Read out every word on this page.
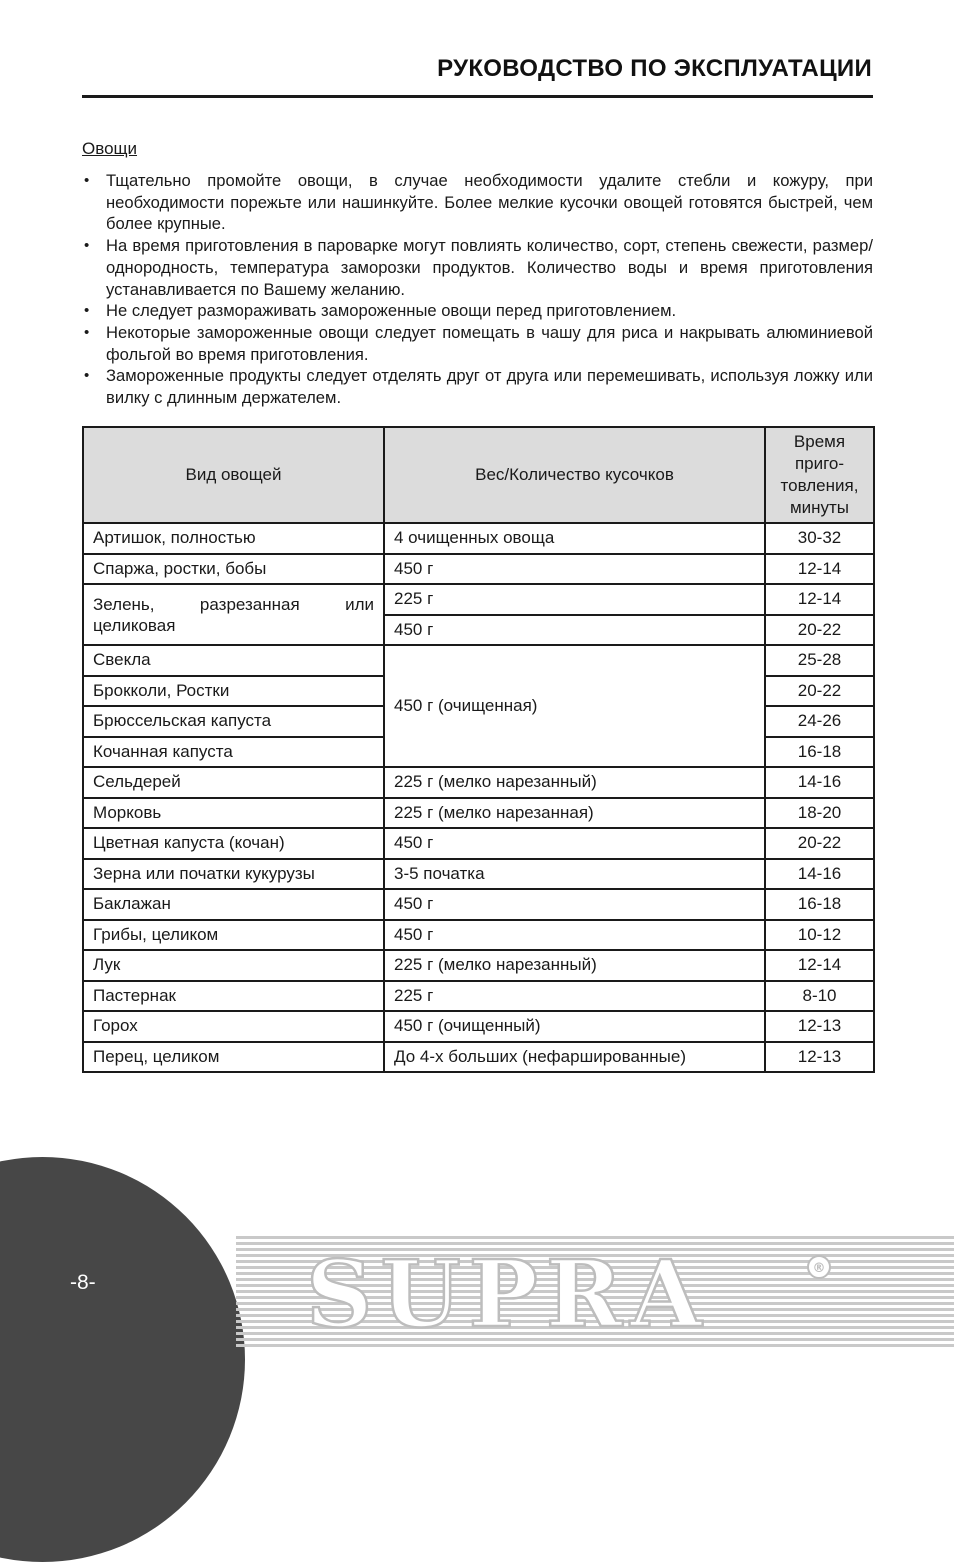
РУКОВОДСТВО ПО ЭКСПЛУАТАЦИИ
Овощи
• Тщательно промойте овощи, в случае необходимости удалите стебли и кожуру, при необходимости порежьте или нашинкуйте. Более мелкие кусочки овощей готовятся быстрей, чем более крупные.
• На время приготовления в пароварке могут повлиять количество, сорт, степень свежести, размер/однородность, температура заморозки продуктов. Количество воды и время приготовления устанавливается по Вашему желанию.
• Не следует размораживать замороженные овощи перед приготовлением.
• Некоторые замороженные овощи следует помещать в чашу для риса и накрывать алюминиевой фольгой во время приготовления.
• Замороженные продукты следует отделять друг от друга или перемешивать, используя ложку или вилку с длинным держателем.
Вид овощей	Вес/Количество кусочков	Время приго-товления, минуты
Артишок, полностью	4 очищенных овоща	30-32
Спаржа, ростки, бобы	450 г	12-14
Зелень, разрезанная или целиковая	225 г	12-14
	450 г	20-22
Свекла	450 г (очищенная)	25-28
Брокколи, Ростки		20-22
Брюссельская капуста		24-26
Кочанная капуста		16-18
Сельдерей	225 г (мелко нарезанный)	14-16
Морковь	225 г (мелко нарезанная)	18-20
Цветная капуста (кочан)	450 г	20-22
Зерна или початки кукурузы	3-5 початка	14-16
Баклажан	450 г	16-18
Грибы, целиком	450 г	10-12
Лук	225 г (мелко нарезанный)	12-14
Пастернак	225 г	8-10
Горох	450 г (очищенный)	12-13
Перец, целиком	До 4-х больших (нефаршированные)	12-13
-8- SUPRA	®
